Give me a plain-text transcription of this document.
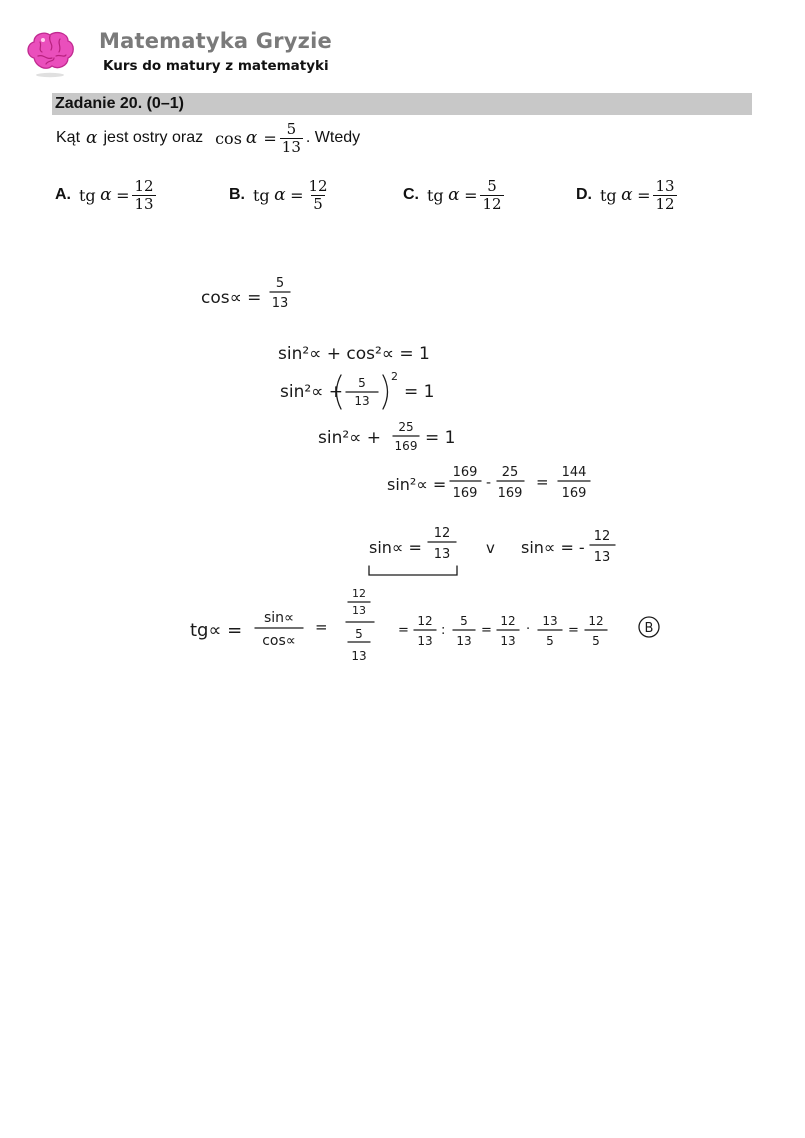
Matematyka Gryzie
Kurs do matury z matematyki
Zadanie 20. (0–1)
Kąt α jest ostry oraz $\cos \alpha = \frac{5}{13}$ . Wtedy
A. tg
α
= $\frac{12}{13}$	B. tg
α
= $\frac{12}{5}$	C. tg
α
= $\frac{5}{12}$	D. tg
α
= $\frac{13}{12}$
cos∝ =
5
13
sin²∝ + cos²∝ = 1
sin²∝ + 5
13
2
= 1
sin²∝ +
25
169 = 1
sin²∝ =
169
169
-
25
169
=
144
169
sin∝ =
12
13 v sin∝ = -
12
13
tg∝ =
sin∝
cos∝
=
12
13
5
13
=
12
13
:
5
13
=
12
13
·
13
5
=
12
5
B
